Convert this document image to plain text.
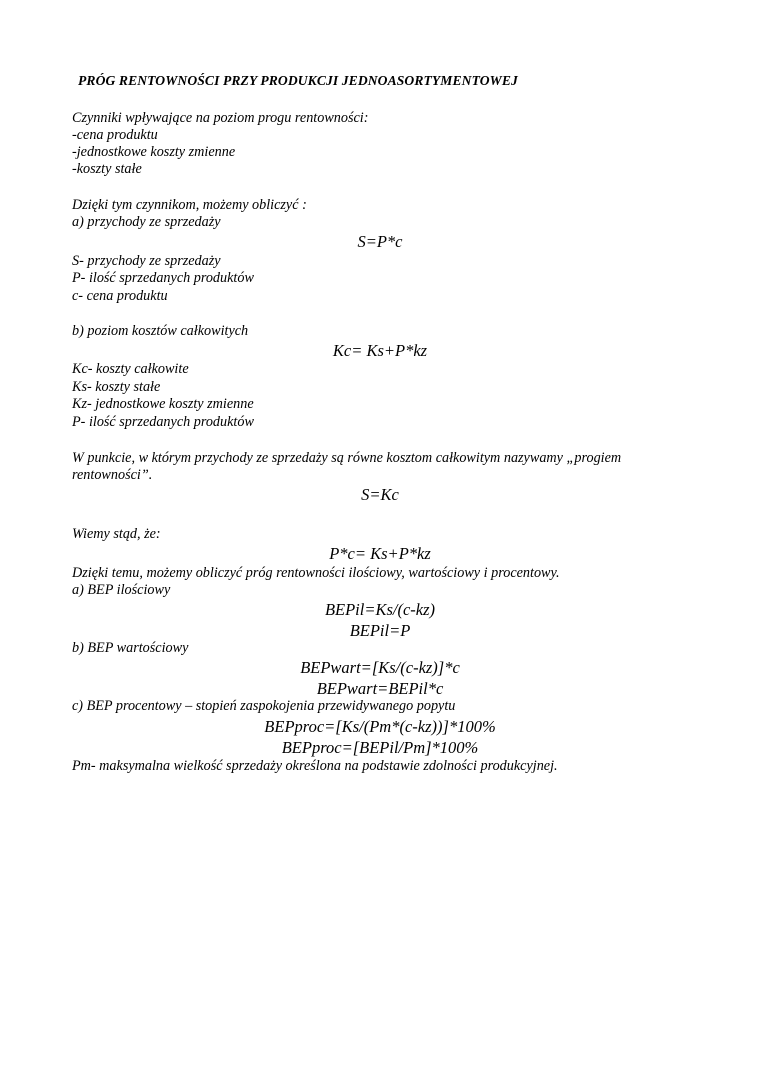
PRÓG RENTOWNOŚCI PRZY PRODUKCJI JEDNOASORTYMENTOWEJ
Czynniki wpływające na poziom progu rentowności:
-cena produktu
-jednostkowe koszty zmienne
-koszty stałe
Dzięki tym czynnikom, możemy obliczyć :
a) przychody ze sprzedaży
S=P*c
S- przychody ze sprzedaży
P- ilość sprzedanych produktów
c- cena produktu
b) poziom kosztów całkowitych
Kc= Ks+P*kz
Kc- koszty całkowite
Ks- koszty stałe
Kz- jednostkowe koszty zmienne
P- ilość sprzedanych produktów
W punkcie, w którym przychody ze sprzedaży są równe kosztom całkowitym nazywamy „progiem rentowności”.
S=Kc
Wiemy stąd, że:
P*c= Ks+P*kz
Dzięki temu, możemy obliczyć próg rentowności ilościowy, wartościowy i procentowy.
a) BEP ilościowy
BEPil=Ks/(c-kz)
BEPil=P
b) BEP wartościowy
BEPwart=[Ks/(c-kz)]*c
BEPwart=BEPil*c
c) BEP procentowy – stopień zaspokojenia przewidywanego popytu
BEPproc=[Ks/(Pm*(c-kz))]*100%
BEPproc=[BEPil/Pm]*100%
Pm- maksymalna wielkość sprzedaży określona na podstawie zdolności produkcyjnej.
